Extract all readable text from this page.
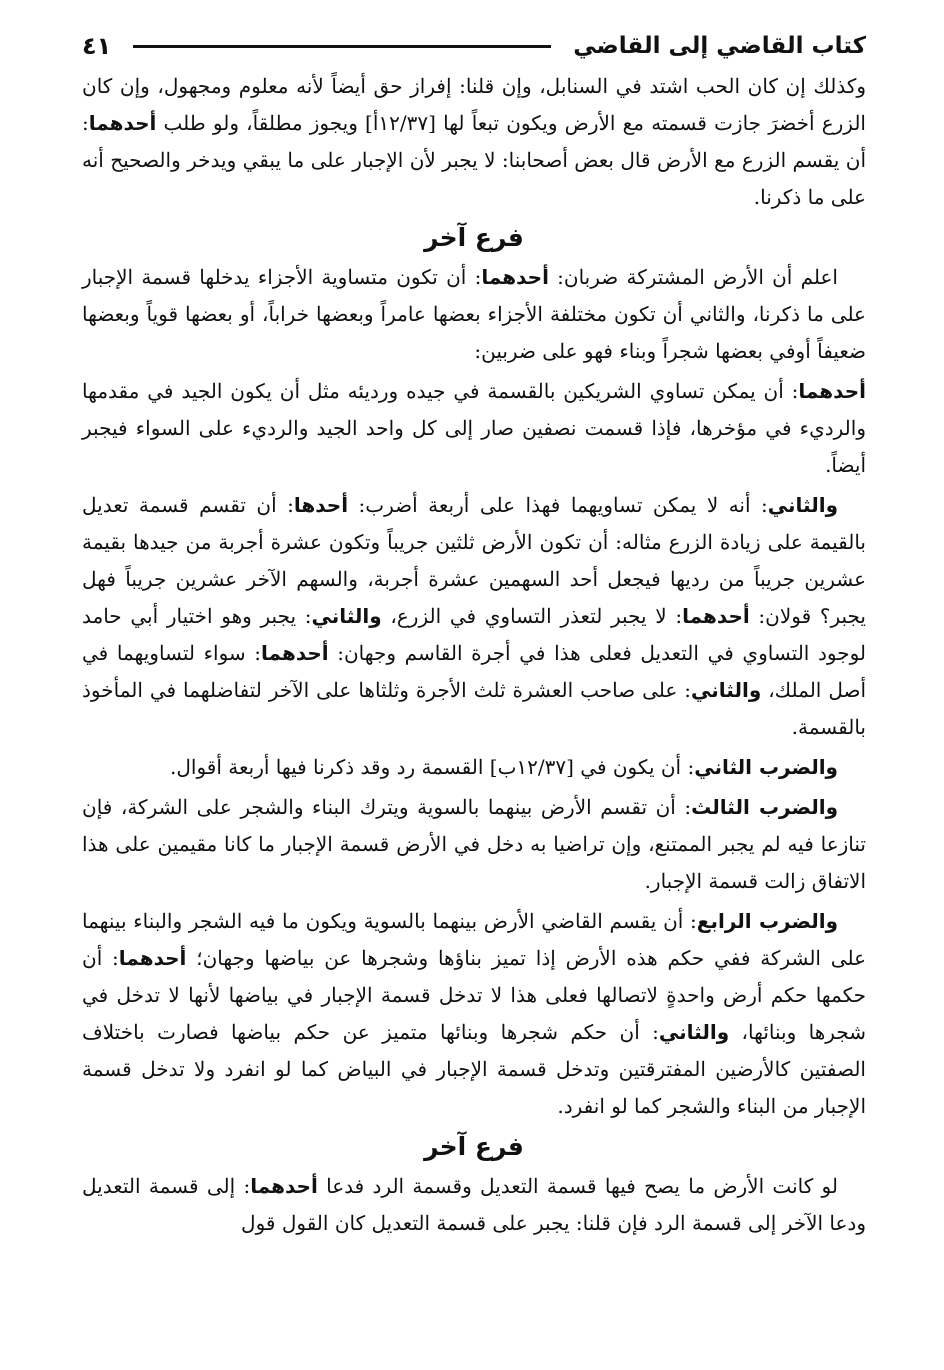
كتاب القاضي إلى القاضي
٤١

وكذلك إن كان الحب اشتد في السنابل، وإن قلنا: إفراز حق أيضاً لأنه معلوم ومجهول، وإن كان الزرع أخضرَ جازت قسمته مع الأرض ويكون تبعاً لها [١٢/٣٧أ] ويجوز مطلقاً، ولو طلب أحدهما: أن يقسم الزرع مع الأرض قال بعض أصحابنا: لا يجبر لأن الإجبار على ما يبقي ويدخر والصحيح أنه على ما ذكرنا.

فرع آخر

اعلم أن الأرض المشتركة ضربان: أحدهما: أن تكون متساوية الأجزاء يدخلها قسمة الإجبار على ما ذكرنا، والثاني أن تكون مختلفة الأجزاء بعضها عامراً وبعضها خراباً، أو بعضها قوياً وبعضها ضعيفاً أوفي بعضها شجراً وبناء فهو على ضربين:

أحدهما: أن يمكن تساوي الشريكين بالقسمة في جيده ورديئه مثل أن يكون الجيد في مقدمها والرديء في مؤخرها، فإذا قسمت نصفين صار إلى كل واحد الجيد والرديء على السواء فيجبر أيضاً.

والثاني: أنه لا يمكن تساويهما فهذا على أربعة أضرب: أحدها: أن تقسم قسمة تعديل بالقيمة على زيادة الزرع مثاله: أن تكون الأرض ثلثين جريباً وتكون عشرة أجربة من جيدها بقيمة عشرين جريباً من رديها فيجعل أحد السهمين عشرة أجربة، والسهم الآخر عشرين جريباً فهل يجبر؟ قولان: أحدهما: لا يجبر لتعذر التساوي في الزرع، والثاني: يجبر وهو اختيار أبي حامد لوجود التساوي في التعديل فعلى هذا في أجرة القاسم وجهان: أحدهما: سواء لتساويهما في أصل الملك، والثاني: على صاحب العشرة ثلث الأجرة وثلثاها على الآخر لتفاضلهما في المأخوذ بالقسمة.

والضرب الثاني: أن يكون في [١٢/٣٧ب] القسمة رد وقد ذكرنا فيها أربعة أقوال.

والضرب الثالث: أن تقسم الأرض بينهما بالسوية ويترك البناء والشجر على الشركة، فإن تنازعا فيه لم يجبر الممتنع، وإن تراضيا به دخل في الأرض قسمة الإجبار ما كانا مقيمين على هذا الاتفاق زالت قسمة الإجبار.

والضرب الرابع: أن يقسم القاضي الأرض بينهما بالسوية ويكون ما فيه الشجر والبناء بينهما على الشركة ففي حكم هذه الأرض إذا تميز بناؤها وشجرها عن بياضها وجهان؛ أحدهما: أن حكمها حكم أرض واحدةٍ لاتصالها فعلى هذا لا تدخل قسمة الإجبار في بياضها لأنها لا تدخل في شجرها وبنائها، والثاني: أن حكم شجرها وبنائها متميز عن حكم بياضها فصارت باختلاف الصفتين كالأرضين المفترقتين وتدخل قسمة الإجبار في البياض كما لو انفرد ولا تدخل قسمة الإجبار من البناء والشجر كما لو انفرد.

فرع آخر

لو كانت الأرض ما يصح فيها قسمة التعديل وقسمة الرد فدعا أحدهما: إلى قسمة التعديل ودعا الآخر إلى قسمة الرد فإن قلنا: يجبر على قسمة التعديل كان القول قول
